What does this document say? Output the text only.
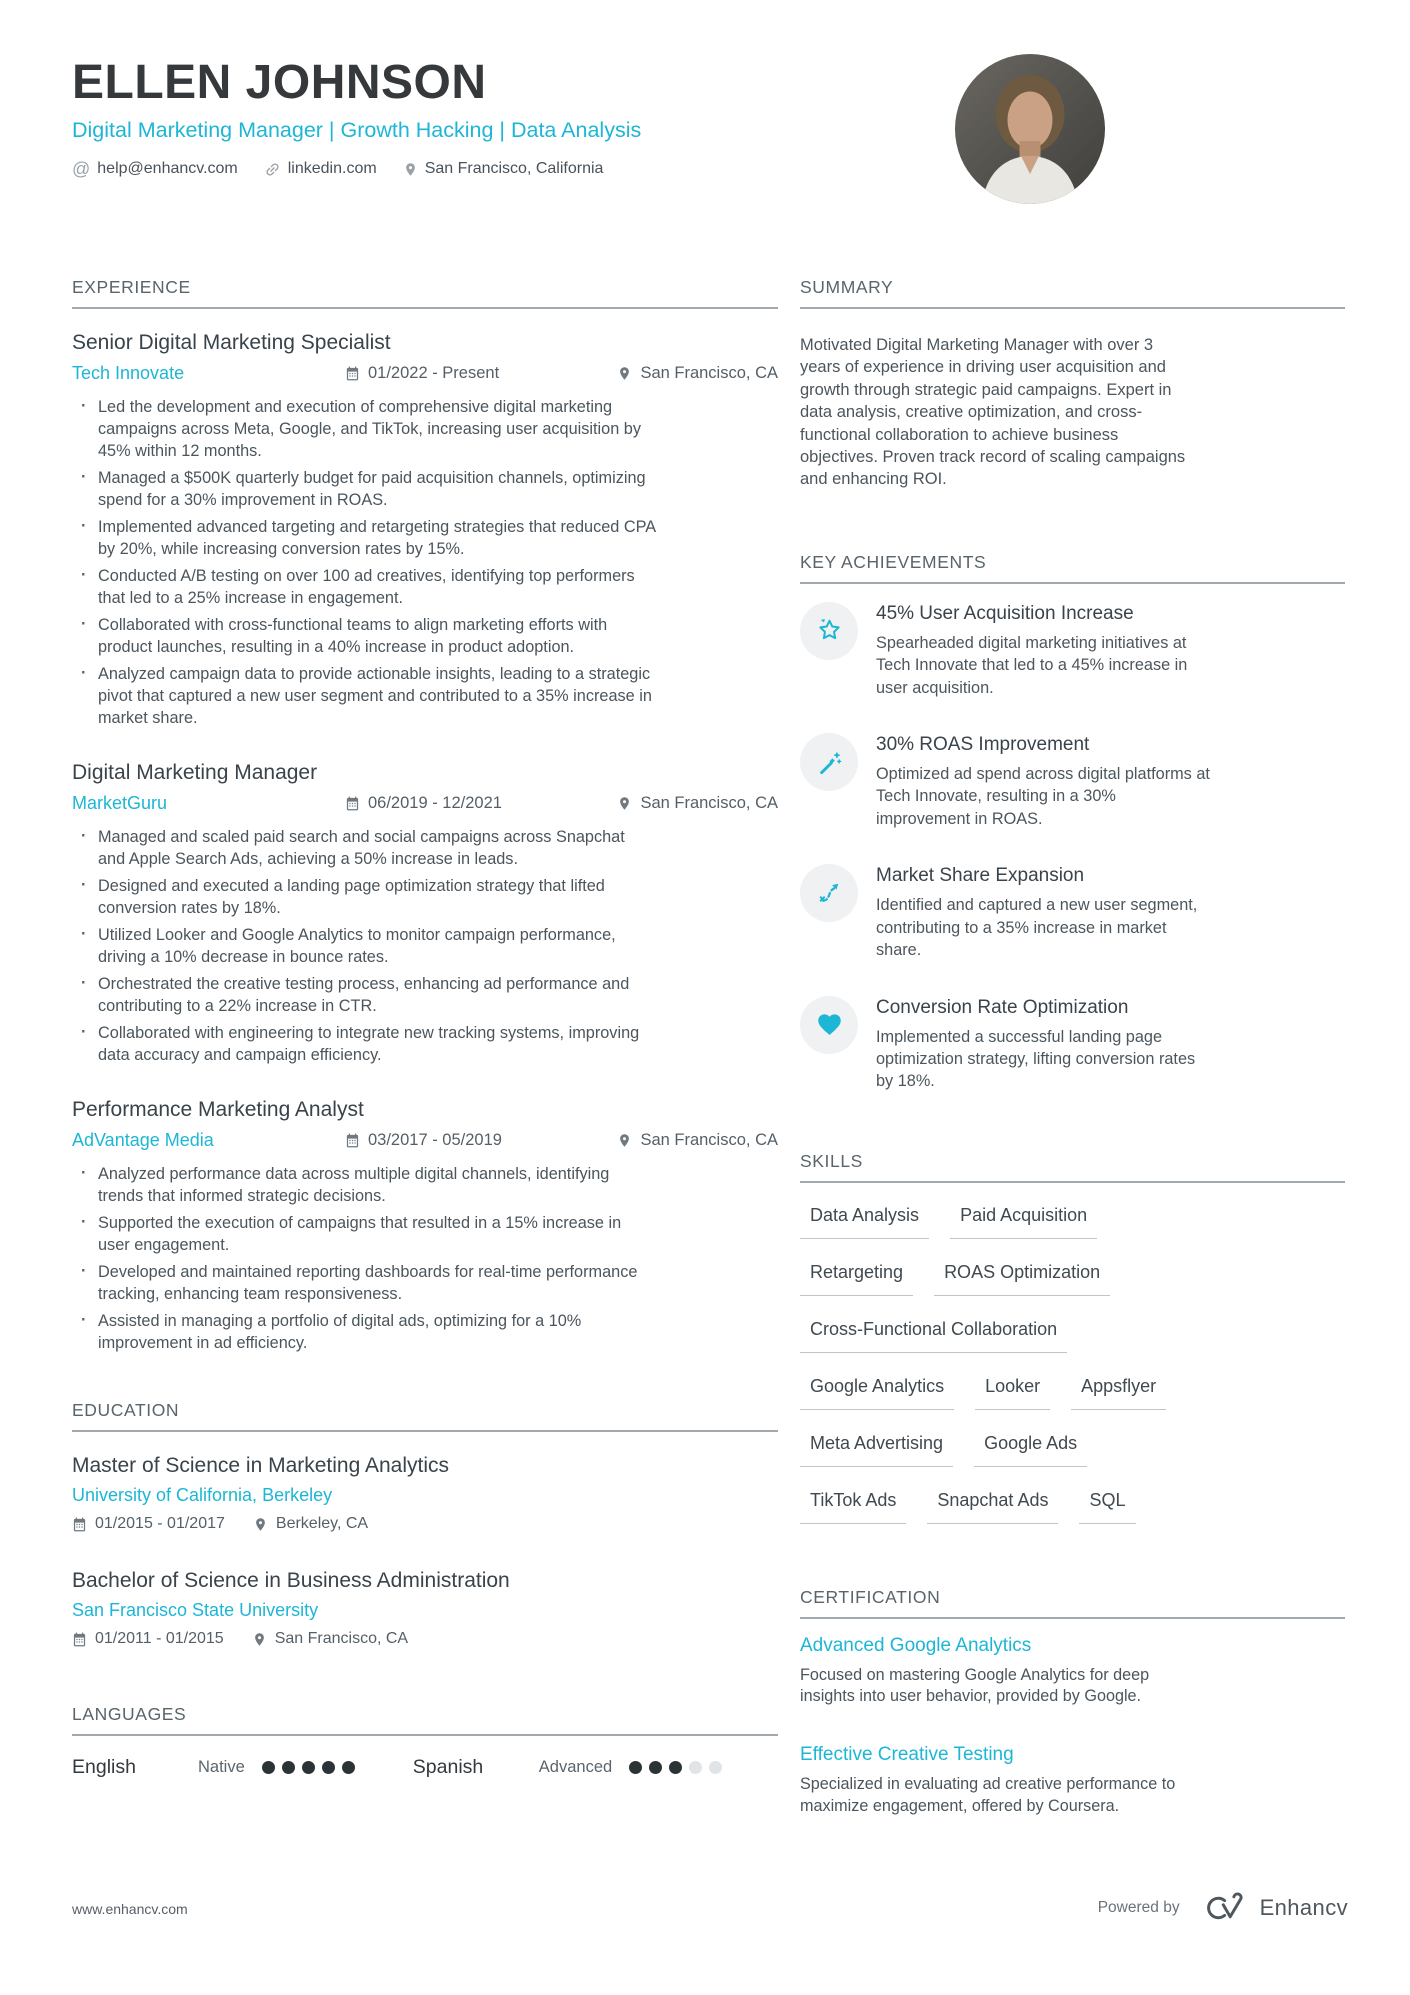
ELLEN JOHNSON
Digital Marketing Manager | Growth Hacking | Data Analysis
@ help@enhancv.com	linkedin.com	San Francisco, California
EXPERIENCE
Senior Digital Marketing Specialist
Tech Innovate	01/2022 - Present	San Francisco, CA
· Led the development and execution of comprehensive digital marketing campaigns across Meta, Google, and TikTok, increasing user acquisition by 45% within 12 months.
· Managed a $500K quarterly budget for paid acquisition channels, optimizing spend for a 30% improvement in ROAS.
· Implemented advanced targeting and retargeting strategies that reduced CPA by 20%, while increasing conversion rates by 15%.
· Conducted A/B testing on over 100 ad creatives, identifying top performers that led to a 25% increase in engagement.
· Collaborated with cross-functional teams to align marketing efforts with product launches, resulting in a 40% increase in product adoption.
· Analyzed campaign data to provide actionable insights, leading to a strategic pivot that captured a new user segment and contributed to a 35% increase in market share.
Digital Marketing Manager
MarketGuru	06/2019 - 12/2021	San Francisco, CA
· Managed and scaled paid search and social campaigns across Snapchat and Apple Search Ads, achieving a 50% increase in leads.
· Designed and executed a landing page optimization strategy that lifted conversion rates by 18%.
· Utilized Looker and Google Analytics to monitor campaign performance, driving a 10% decrease in bounce rates.
· Orchestrated the creative testing process, enhancing ad performance and contributing to a 22% increase in CTR.
· Collaborated with engineering to integrate new tracking systems, improving data accuracy and campaign efficiency.
Performance Marketing Analyst
AdVantage Media	03/2017 - 05/2019	San Francisco, CA
· Analyzed performance data across multiple digital channels, identifying trends that informed strategic decisions.
· Supported the execution of campaigns that resulted in a 15% increase in user engagement.
· Developed and maintained reporting dashboards for real-time performance tracking, enhancing team responsiveness.
· Assisted in managing a portfolio of digital ads, optimizing for a 10% improvement in ad efficiency.
EDUCATION
Master of Science in Marketing Analytics
University of California, Berkeley
01/2015 - 01/2017	Berkeley, CA
Bachelor of Science in Business Administration
San Francisco State University
01/2011 - 01/2015	San Francisco, CA
LANGUAGES
English	Native	Spanish	Advanced
SUMMARY

Motivated Digital Marketing Manager with over 3 years of experience in driving user acquisition and growth through strategic paid campaigns. Expert in data analysis, creative optimization, and cross-functional collaboration to achieve business objectives. Proven track record of scaling campaigns and enhancing ROI.

KEY ACHIEVEMENTS
45% User Acquisition Increase
Spearheaded digital marketing initiatives at Tech Innovate that led to a 45% increase in user acquisition.
30% ROAS Improvement
Optimized ad spend across digital platforms at Tech Innovate, resulting in a 30% improvement in ROAS.
Market Share Expansion
Identified and captured a new user segment, contributing to a 35% increase in market share.
Conversion Rate Optimization
Implemented a successful landing page optimization strategy, lifting conversion rates by 18%.
SKILLS
Data Analysis	Paid Acquisition
Retargeting	ROAS Optimization
Cross-Functional Collaboration
Google Analytics	Looker	Appsflyer
Meta Advertising	Google Ads
TikTok Ads	Snapchat Ads	SQL
CERTIFICATION
Advanced Google Analytics
Focused on mastering Google Analytics for deep insights into user behavior, provided by Google.
Effective Creative Testing
Specialized in evaluating ad creative performance to maximize engagement, offered by Coursera.
www.enhancv.com	Powered by	Enhancv
